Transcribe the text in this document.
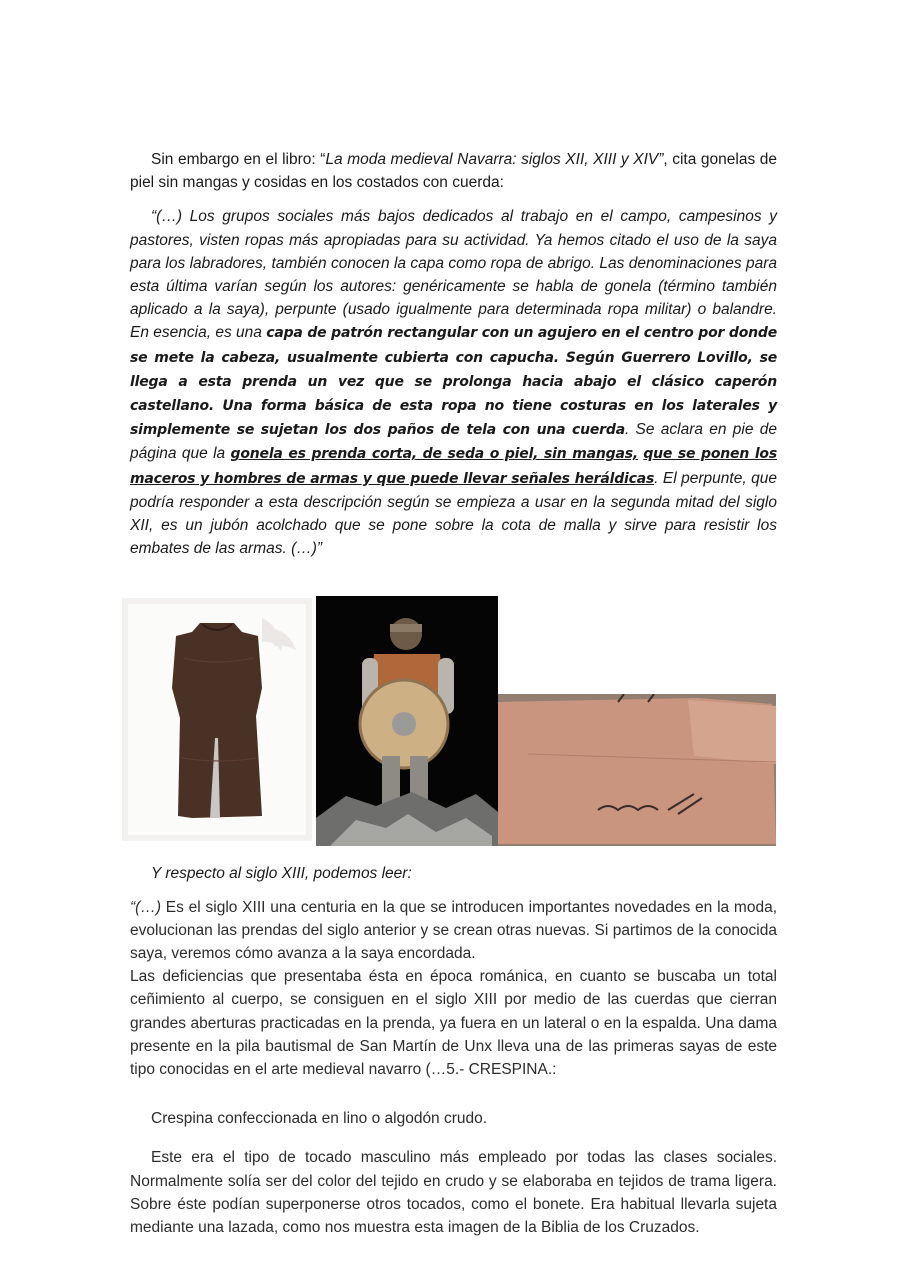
Sin embargo en el libro: “La moda medieval Navarra: siglos XII, XIII y XIV”, cita gonelas de piel sin mangas y cosidas en los costados con cuerda:

“(…) Los grupos sociales más bajos dedicados al trabajo en el campo, campesinos y pastores, visten ropas más apropiadas para su actividad. Ya hemos citado el uso de la saya para los labradores, también conocen la capa como ropa de abrigo. Las denominaciones para esta última varían según los autores: genéricamente se habla de gonela (término también aplicado a la saya), perpunte (usado igualmente para determinada ropa militar) o balandre. En esencia, es una capa de patrón rectangular con un agujero en el centro por donde se mete la cabeza, usualmente cubierta con capucha. Según Guerrero Lovillo, se llega a esta prenda un vez que se prolonga hacia abajo el clásico caperón castellano. Una forma básica de esta ropa no tiene costuras en los laterales y simplemente se sujetan los dos paños de tela con una cuerda. Se aclara en pie de página que la gonela es prenda corta, de seda o piel, sin mangas, que se ponen los maceros y hombres de armas y que puede llevar señales heráldicas. El perpunte, que podría responder a esta descripción según se empieza a usar en la segunda mitad del siglo XII, es un jubón acolchado que se pone sobre la cota de malla y sirve para resistir los embates de las armas. (…)”

Y respecto al siglo XIII, podemos leer:

“(…) Es el siglo XIII una centuria en la que se introducen importantes novedades en la moda, evolucionan las prendas del siglo anterior y se crean otras nuevas. Si partimos de la conocida saya, veremos cómo avanza a la saya encordada.

Las deficiencias que presentaba ésta en época románica, en cuanto se buscaba un total ceñimiento al cuerpo, se consiguen en el siglo XIII por medio de las cuerdas que cierran grandes aberturas practicadas en la prenda, ya fuera en un lateral o en la espalda. Una dama presente en la pila bautismal de San Martín de Unx lleva una de las primeras sayas de este tipo conocidas en el arte medieval navarro (…5.- CRESPINA.:

Crespina confeccionada en lino o algodón crudo.

Este era el tipo de tocado masculino más empleado por todas las clases sociales. Normalmente solía ser del color del tejido en crudo y se elaboraba en tejidos de trama ligera. Sobre éste podían superponerse otros tocados, como el bonete. Era habitual llevarla sujeta mediante una lazada, como nos muestra esta imagen de la Biblia de los Cruzados.
